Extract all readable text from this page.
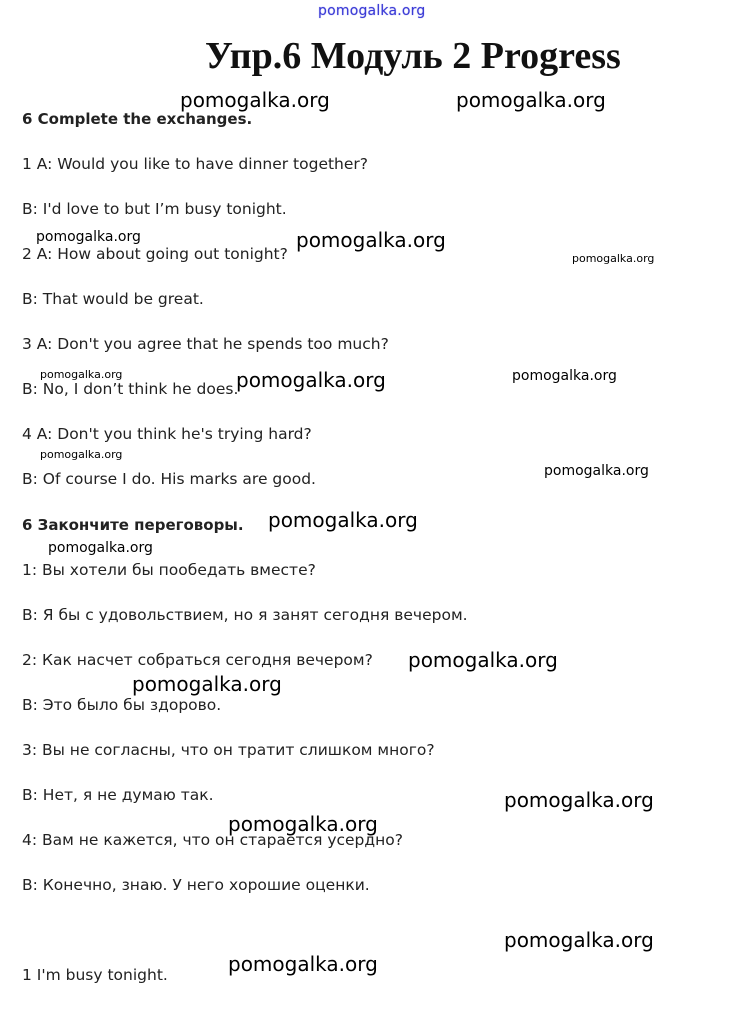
pomogalka.org
Упр.6 Модуль 2 Progress
6 Complete the exchanges.
1 A: Would you like to have dinner together?
B: I'd love to but I’m busy tonight.
2 A: How about going out tonight?
B: That would be great.
3 A: Don't you agree that he spends too much?
B: No, I don’t think he does.
4 A: Don't you think he's trying hard?
B: Of course I do. His marks are good.
6 Закончите переговоры.
1: Вы хотели бы пообедать вместе?
B: Я бы с удовольствием, но я занят сегодня вечером.
2: Как насчет собраться сегодня вечером?
B: Это было бы здорово.
3: Вы не согласны, что он тратит слишком много?
B: Нет, я не думаю так.
4: Вам не кажется, что он старается усердно?
B: Конечно, знаю. У него хорошие оценки.
1 I'm busy tonight.
pomogalka.org	pomogalka.org
pomogalka.org	pomogalka.org
pomogalka.org
pomogalka.org	pomogalka.org	pomogalka.org
pomogalka.org
pomogalka.org
pomogalka.org
pomogalka.org
pomogalka.org
pomogalka.org
pomogalka.org
pomogalka.org
pomogalka.org
pomogalka.org
